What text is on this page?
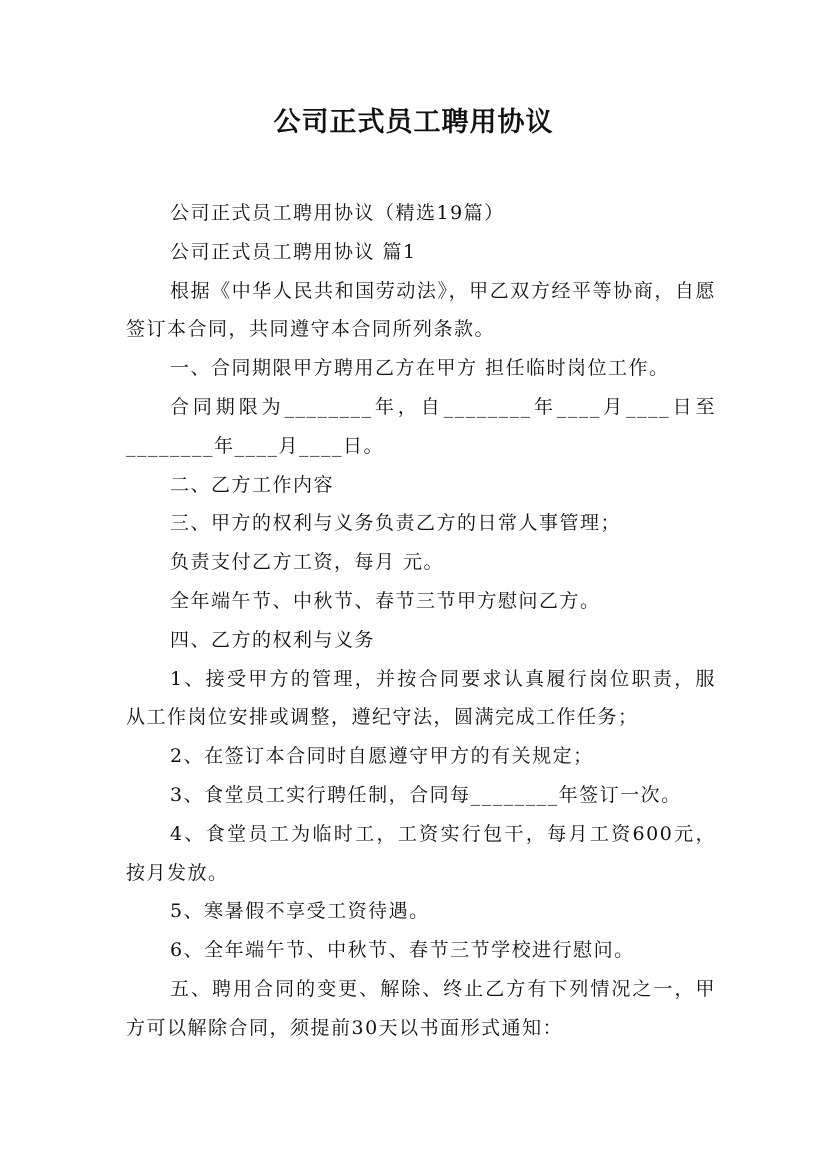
公司正式员工聘用协议

公司正式员工聘用协议（精选19篇）

公司正式员工聘用协议 篇1

根据《中华人民共和国劳动法》，甲乙双方经平等协商，自愿签订本合同，共同遵守本合同所列条款。

一、合同期限甲方聘用乙方在甲方 担任临时岗位工作。

合同期限为________年，自________年____月____日至________年____月____日。

二、乙方工作内容

三、甲方的权利与义务负责乙方的日常人事管理；

负责支付乙方工资，每月 元。

全年端午节、中秋节、春节三节甲方慰问乙方。

四、乙方的权利与义务

1、接受甲方的管理，并按合同要求认真履行岗位职责，服从工作岗位安排或调整，遵纪守法，圆满完成工作任务；

2、在签订本合同时自愿遵守甲方的有关规定；

3、食堂员工实行聘任制，合同每________年签订一次。

4、食堂员工为临时工，工资实行包干，每月工资600元，按月发放。

5、寒暑假不享受工资待遇。

6、全年端午节、中秋节、春节三节学校进行慰问。

五、聘用合同的变更、解除、终止乙方有下列情况之一，甲方可以解除合同，须提前30天以书面形式通知：
